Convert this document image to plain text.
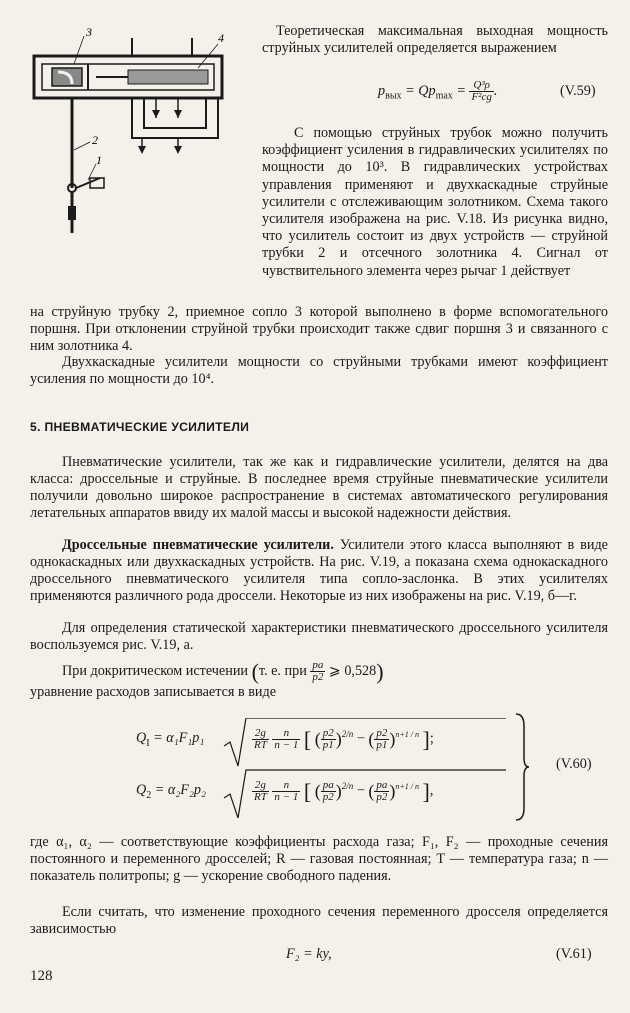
3	4
2
1
Теоретическая максимальная выходная мощность струйных усилителей определяется выражением
$p_{вых} = Qp_{max} = \frac{\text{Q³ρ}}{\text{F²cg}}$ .	(V.59)
С помощью струйных трубок можно получить коэффициент усиления в гидравлических усилителях по мощности до 10³. В гидравлических устройствах управления применяют и двухкаскадные струйные усилители с отслеживающим золотником. Схема такого усилителя изображена на рис. V.18. Из рисунка видно, что усилитель состоит из двух устройств — струйной трубки 2 и отсечного золотника 4. Сигнал от чувствительного элемента через рычаг 1 действует
на струйную трубку 2, приемное сопло 3 которой выполнено в форме вспомогательного поршня. При отклонении струйной трубки происходит также сдвиг поршня 3 и связанного с ним золотника 4.
Двухкаскадные усилители мощности со струйными трубками имеют коэффициент усиления по мощности до 10⁴.
5. ПНЕВМАТИЧЕСКИЕ УСИЛИТЕЛИ
Пневматические усилители, так же как и гидравлические усилители, делятся на два класса: дроссельные и струйные. В последнее время струйные пневматические усилители получили довольно широкое распространение в системах автоматического регулирования летательных аппаратов ввиду их малой массы и высокой надежности действия.
Дроссельные пневматические усилители. Усилители этого класса выполняют в виде однокаскадных или двухкаскадных устройств. На рис. V.19, а показана схема однокаскадного дроссельного пневматического усилителя типа сопло-заслонка. В этих усилителях применяются различного рода дроссели. Некоторые из них изображены на рис. V.19, б—г.
Для определения статической характеристики пневматического дроссельного усилителя воспользуемся рис. V.19, а.
При докритическом истечении (т. е. при $\frac{pa}{p2}$ ⩾ 0,528)
уравнение расходов записывается в виде
$Q_I = \alpha_1F_1p_1$	$\frac{2g}{RT}$
$\frac{n}{n - 1}$ [ ( $\frac{p2}{p1} )^{2/n}$ − ( $\frac{p2}{p1} )^{n+1 / n}$ ];
$Q_2 = \alpha_2F_2p_2$	$\frac{2g}{RT}$
$\frac{n}{n - 1}$ [ ( $\frac{pa}{p2} )^{2/n}$ − ( $\frac{pa}{p2} )^{n+1 / n}$ ],
(V.60)
где α₁, α₂ — соответствующие коэффициенты расхода газа; F₁, F₂ — проходные сечения постоянного и переменного дросселей; R — газовая постоянная; T — температура газа; n — показатель политропы; g — ускорение свободного падения.
Если считать, что изменение проходного сечения переменного дросселя определяется зависимостью
F₂ = ky,	(V.61)
128
